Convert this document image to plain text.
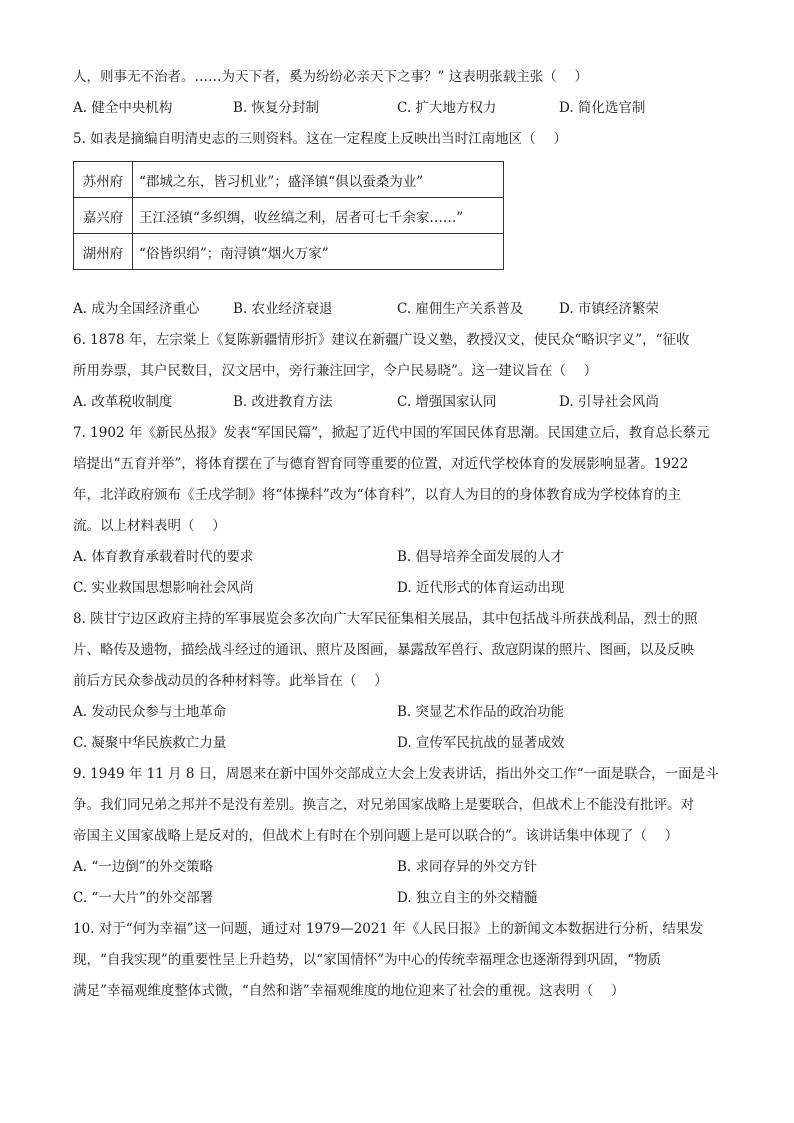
人，则事无不治者。……为天下者，奚为纷纷必亲天下之事？” 这表明张载主张（　 ）
A. 健全中央机构	B. 恢复分封制	C. 扩大地方权力	D. 简化选官制
5. 如表是摘编自明清史志的三则资料。这在一定程度上反映出当时江南地区（　 ）
苏州府	“郡城之东，皆习机业”；盛泽镇“俱以蚕桑为业”
嘉兴府	王江泾镇“多织绸，收丝缟之利，居者可七千余家……”
湖州府	“俗皆织绢”；南浔镇“烟火万家”
A. 成为全国经济重心	B. 农业经济衰退	C. 雇佣生产关系普及	D. 市镇经济繁荣
6. 1878 年，左宗棠上《复陈新疆情形折》建议在新疆广设义塾，教授汉文，使民众“略识字义”，“征收
所用券票，其户民数目，汉文居中，旁行兼注回字，令户民易晓”。这一建议旨在（　 ）
A. 改革税收制度	B. 改进教育方法	C. 增强国家认同	D. 引导社会风尚
7. 1902 年《新民丛报》发表“军国民篇”，掀起了近代中国的军国民体育思潮。民国建立后，教育总长蔡元
培提出“五育并举”，将体育摆在了与德育智育同等重要的位置，对近代学校体育的发展影响显著。1922
年，北洋政府颁布《壬戌学制》将“体操科”改为“体育科”，以育人为目的的身体教育成为学校体育的主
流。以上材料表明（　 ）
A. 体育教育承载着时代的要求	B. 倡导培养全面发展的人才
C. 实业救国思想影响社会风尚	D. 近代形式的体育运动出现
8. 陕甘宁边区政府主持的军事展览会多次向广大军民征集相关展品，其中包括战斗所获战利品，烈士的照
片、略传及遗物，描绘战斗经过的通讯、照片及图画，暴露敌军兽行、敌寇阴谋的照片、图画，以及反映
前后方民众参战动员的各种材料等。此举旨在（　 ）
A. 发动民众参与土地革命	B. 突显艺术作品的政治功能
C. 凝聚中华民族救亡力量	D. 宣传军民抗战的显著成效
9. 1949 年 11 月 8 日，周恩来在新中国外交部成立大会上发表讲话，指出外交工作“一面是联合，一面是斗
争。我们同兄弟之邦并不是没有差别。换言之，对兄弟国家战略上是要联合，但战术上不能没有批评。对
帝国主义国家战略上是反对的，但战术上有时在个别问题上是可以联合的”。该讲话集中体现了（　 ）
A. “一边倒”的外交策略	B. 求同存异的外交方针
C. “一大片”的外交部署	D. 独立自主的外交精髓
10. 对于“何为幸福”这一问题，通过对 1979—2021 年《人民日报》上的新闻文本数据进行分析，结果发
现，“自我实现”的重要性呈上升趋势，以“家国情怀”为中心的传统幸福理念也逐渐得到巩固，“物质
满足”幸福观维度整体式微，“自然和谐”幸福观维度的地位迎来了社会的重视。这表明（　 ）
